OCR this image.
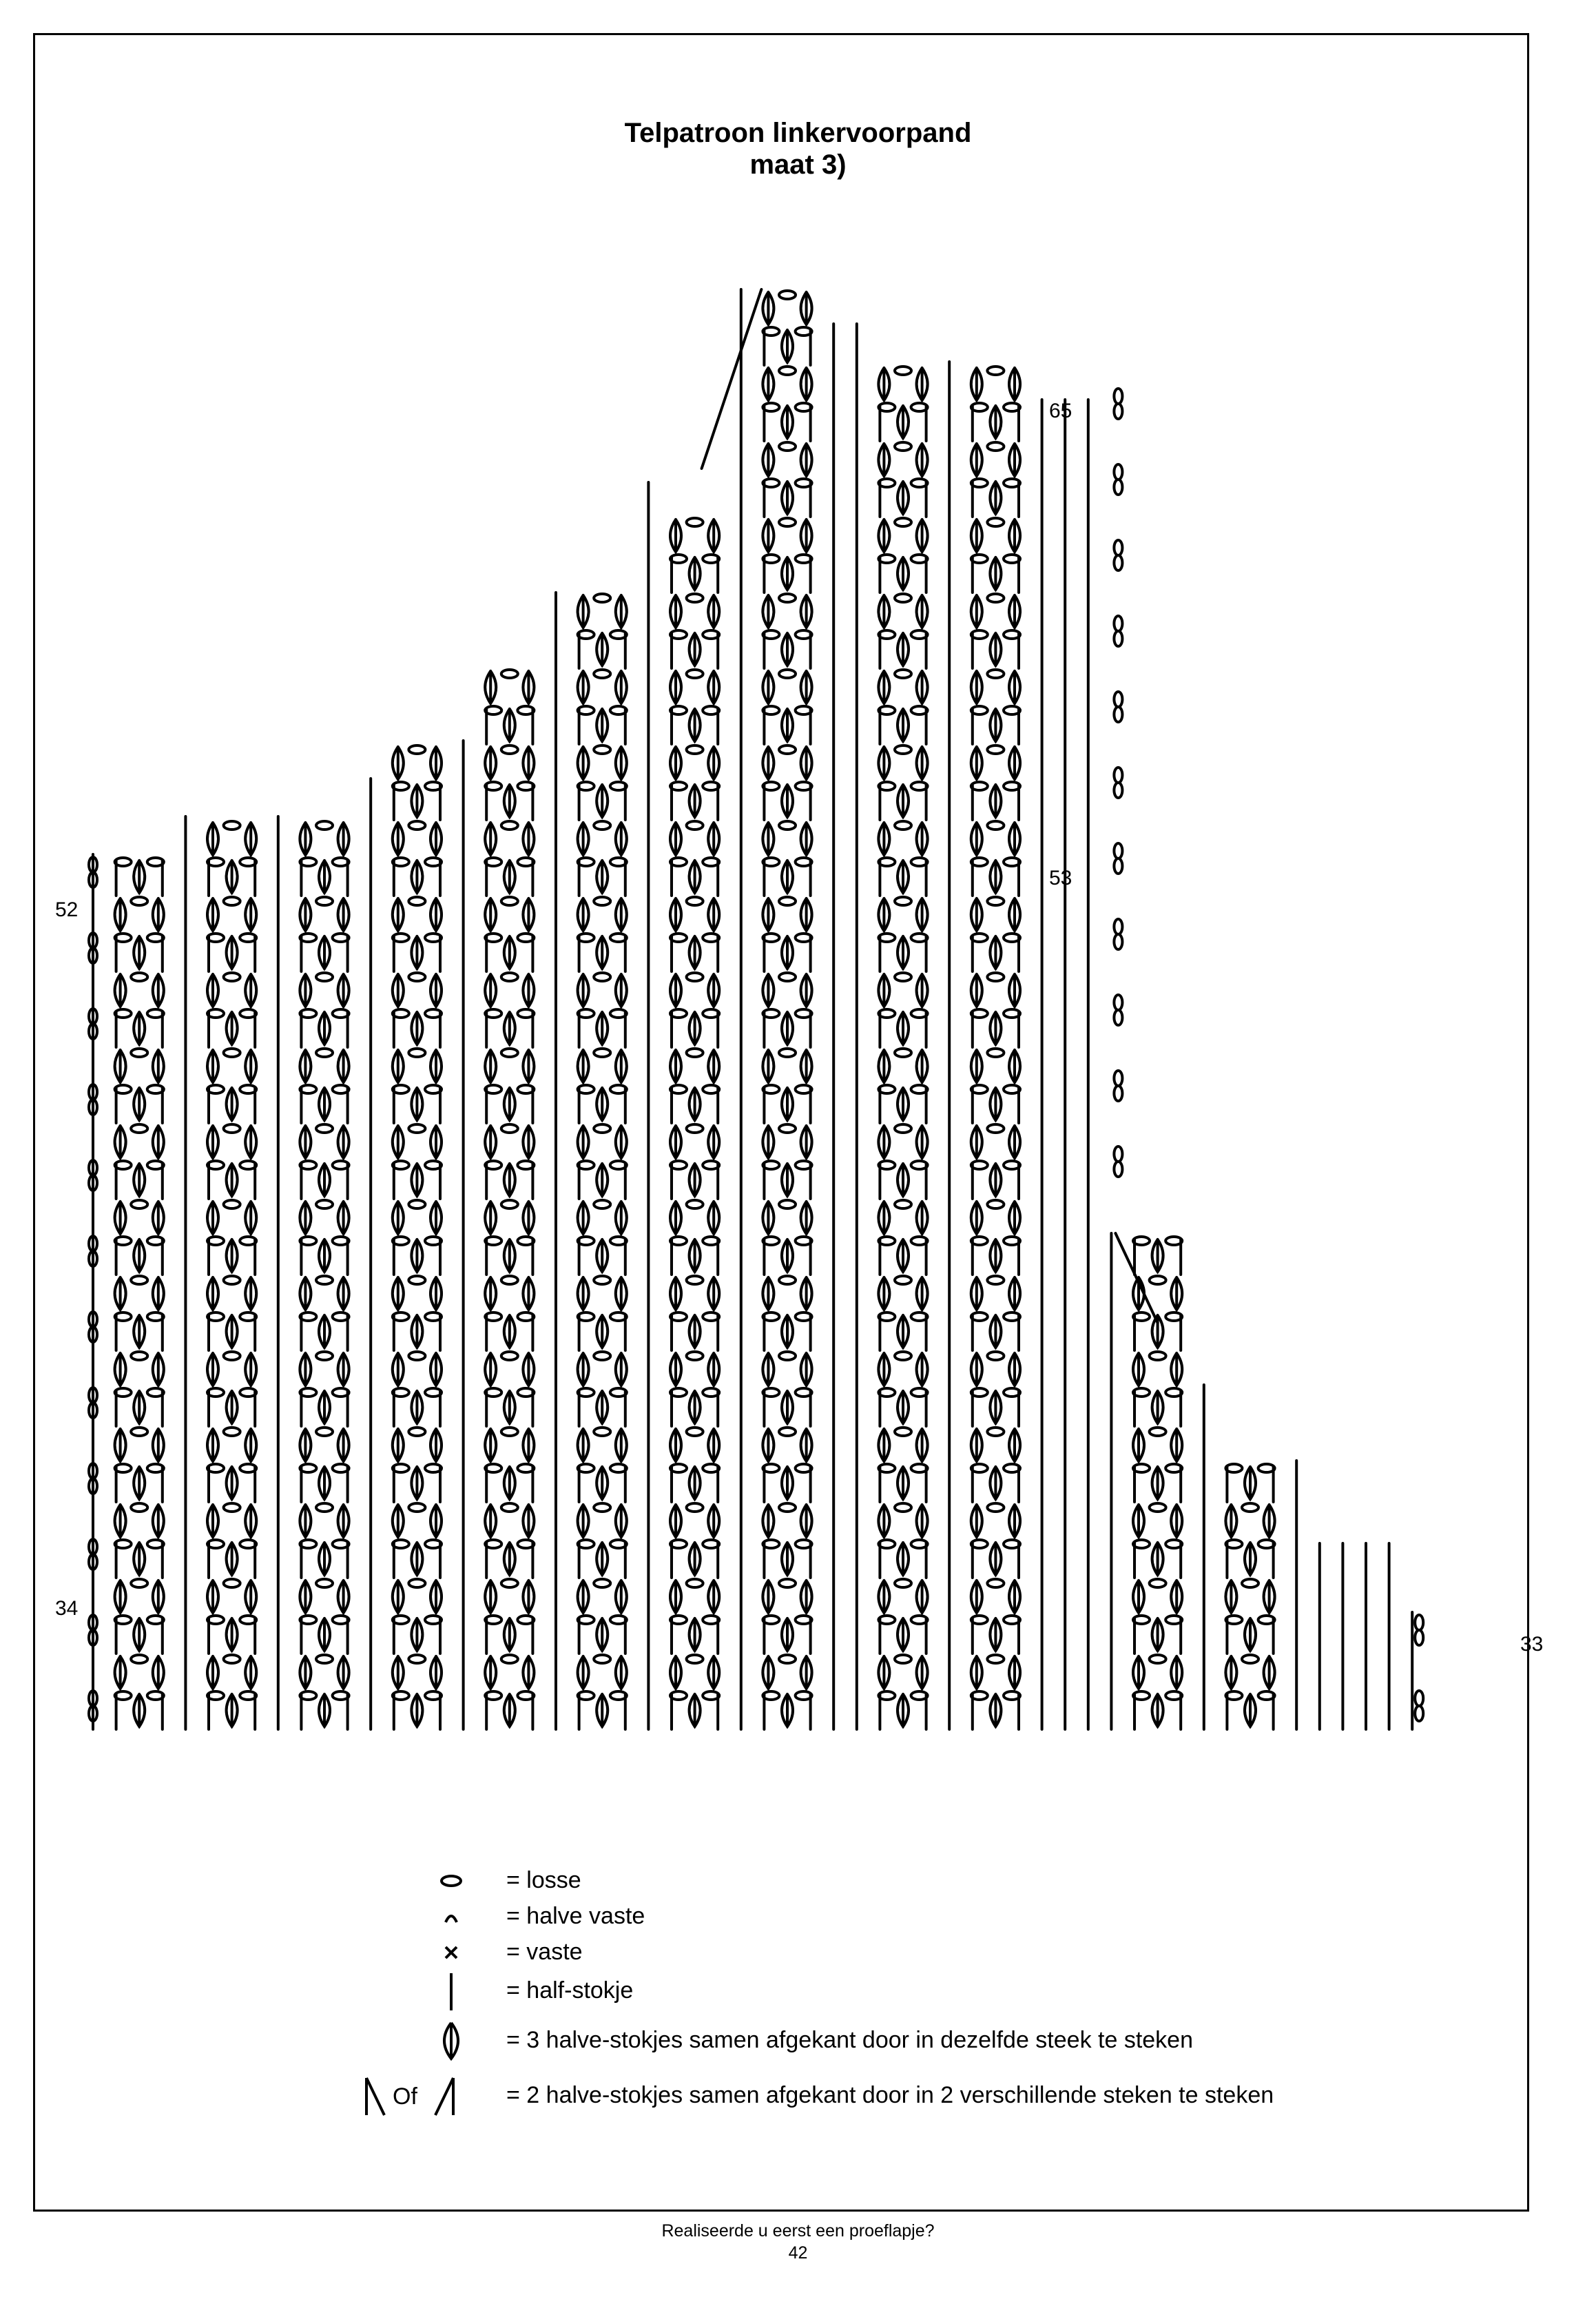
Telpatroon linkervoorpand
maat 3)
65
53
52
34
33
= losse
= halve vaste
= vaste
= half-stokje
= 3 halve-stokjes samen afgekant door in dezelfde steek te steken
Of	= 2 halve-stokjes samen afgekant door in 2 verschillende steken te steken
Realiseerde u eerst een proeflapje?
42
